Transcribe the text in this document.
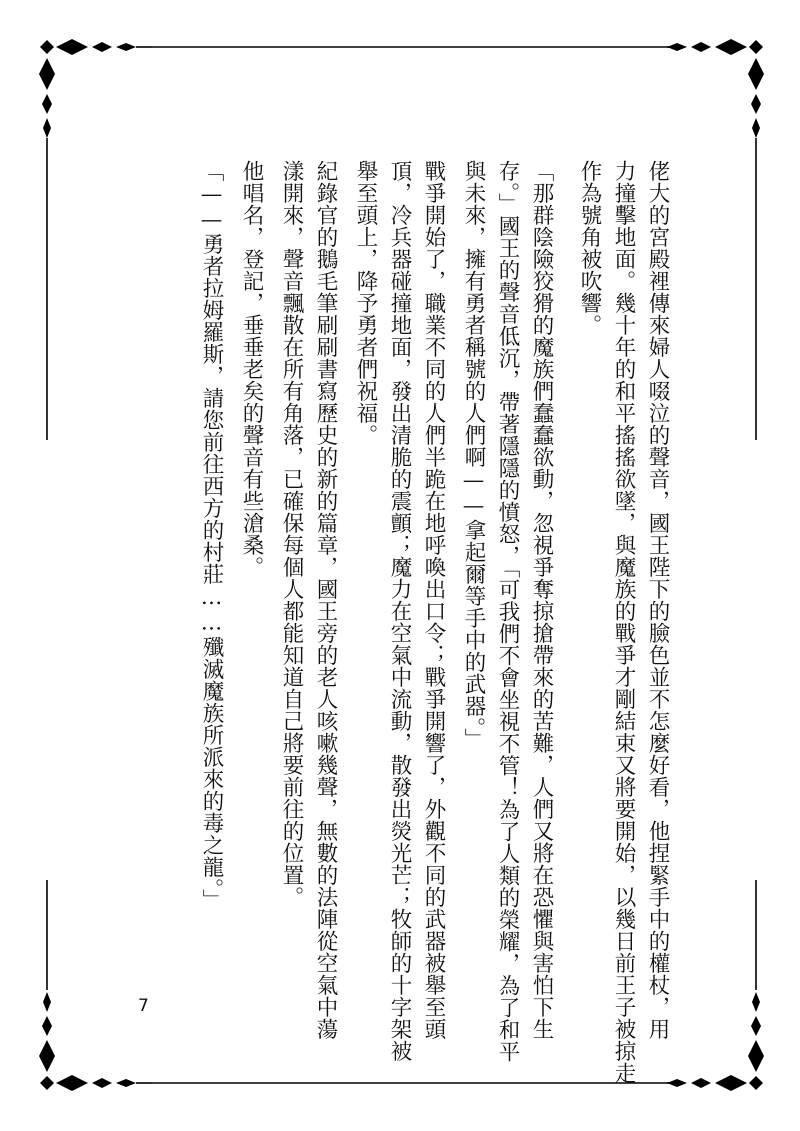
佬大的宮殿裡傳來婦人啜泣的聲音，國王陛下的臉色並不怎麼好看，他捏緊手中的權杖，用
力撞擊地面。幾十年的和平搖搖欲墜，與魔族的戰爭才剛結束又將要開始，以幾日前王子被掠走
作為號角被吹響。
「那群陰險狡猾的魔族們蠢蠢欲動，忽視爭奪掠搶帶來的苦難，人們又將在恐懼與害怕下生
存。」國王的聲音低沉，帶著隱隱的憤怒，「可我們不會坐視不管！為了人類的榮耀，為了和平
與未來，擁有勇者稱號的人們啊——拿起爾等手中的武器。」
戰爭開始了，職業不同的人們半跪在地呼喚出口令；戰爭開響了，外觀不同的武器被舉至頭
頂，冷兵器碰撞地面，發出清脆的震顫；魔力在空氣中流動，散發出熒光芒；牧師的十字架被
舉至頭上，降予勇者們祝福。
紀錄官的鵝毛筆刷刷書寫歷史的新的篇章，國王旁的老人咳嗽幾聲，無數的法陣從空氣中蕩
漾開來，聲音飄散在所有角落，已確保每個人都能知道自己將要前往的位置。
他唱名，登記，垂垂老矣的聲音有些滄桑。
「——勇者拉姆羅斯，請您前往西方的村莊……殲滅魔族所派來的毒之龍。」
7
